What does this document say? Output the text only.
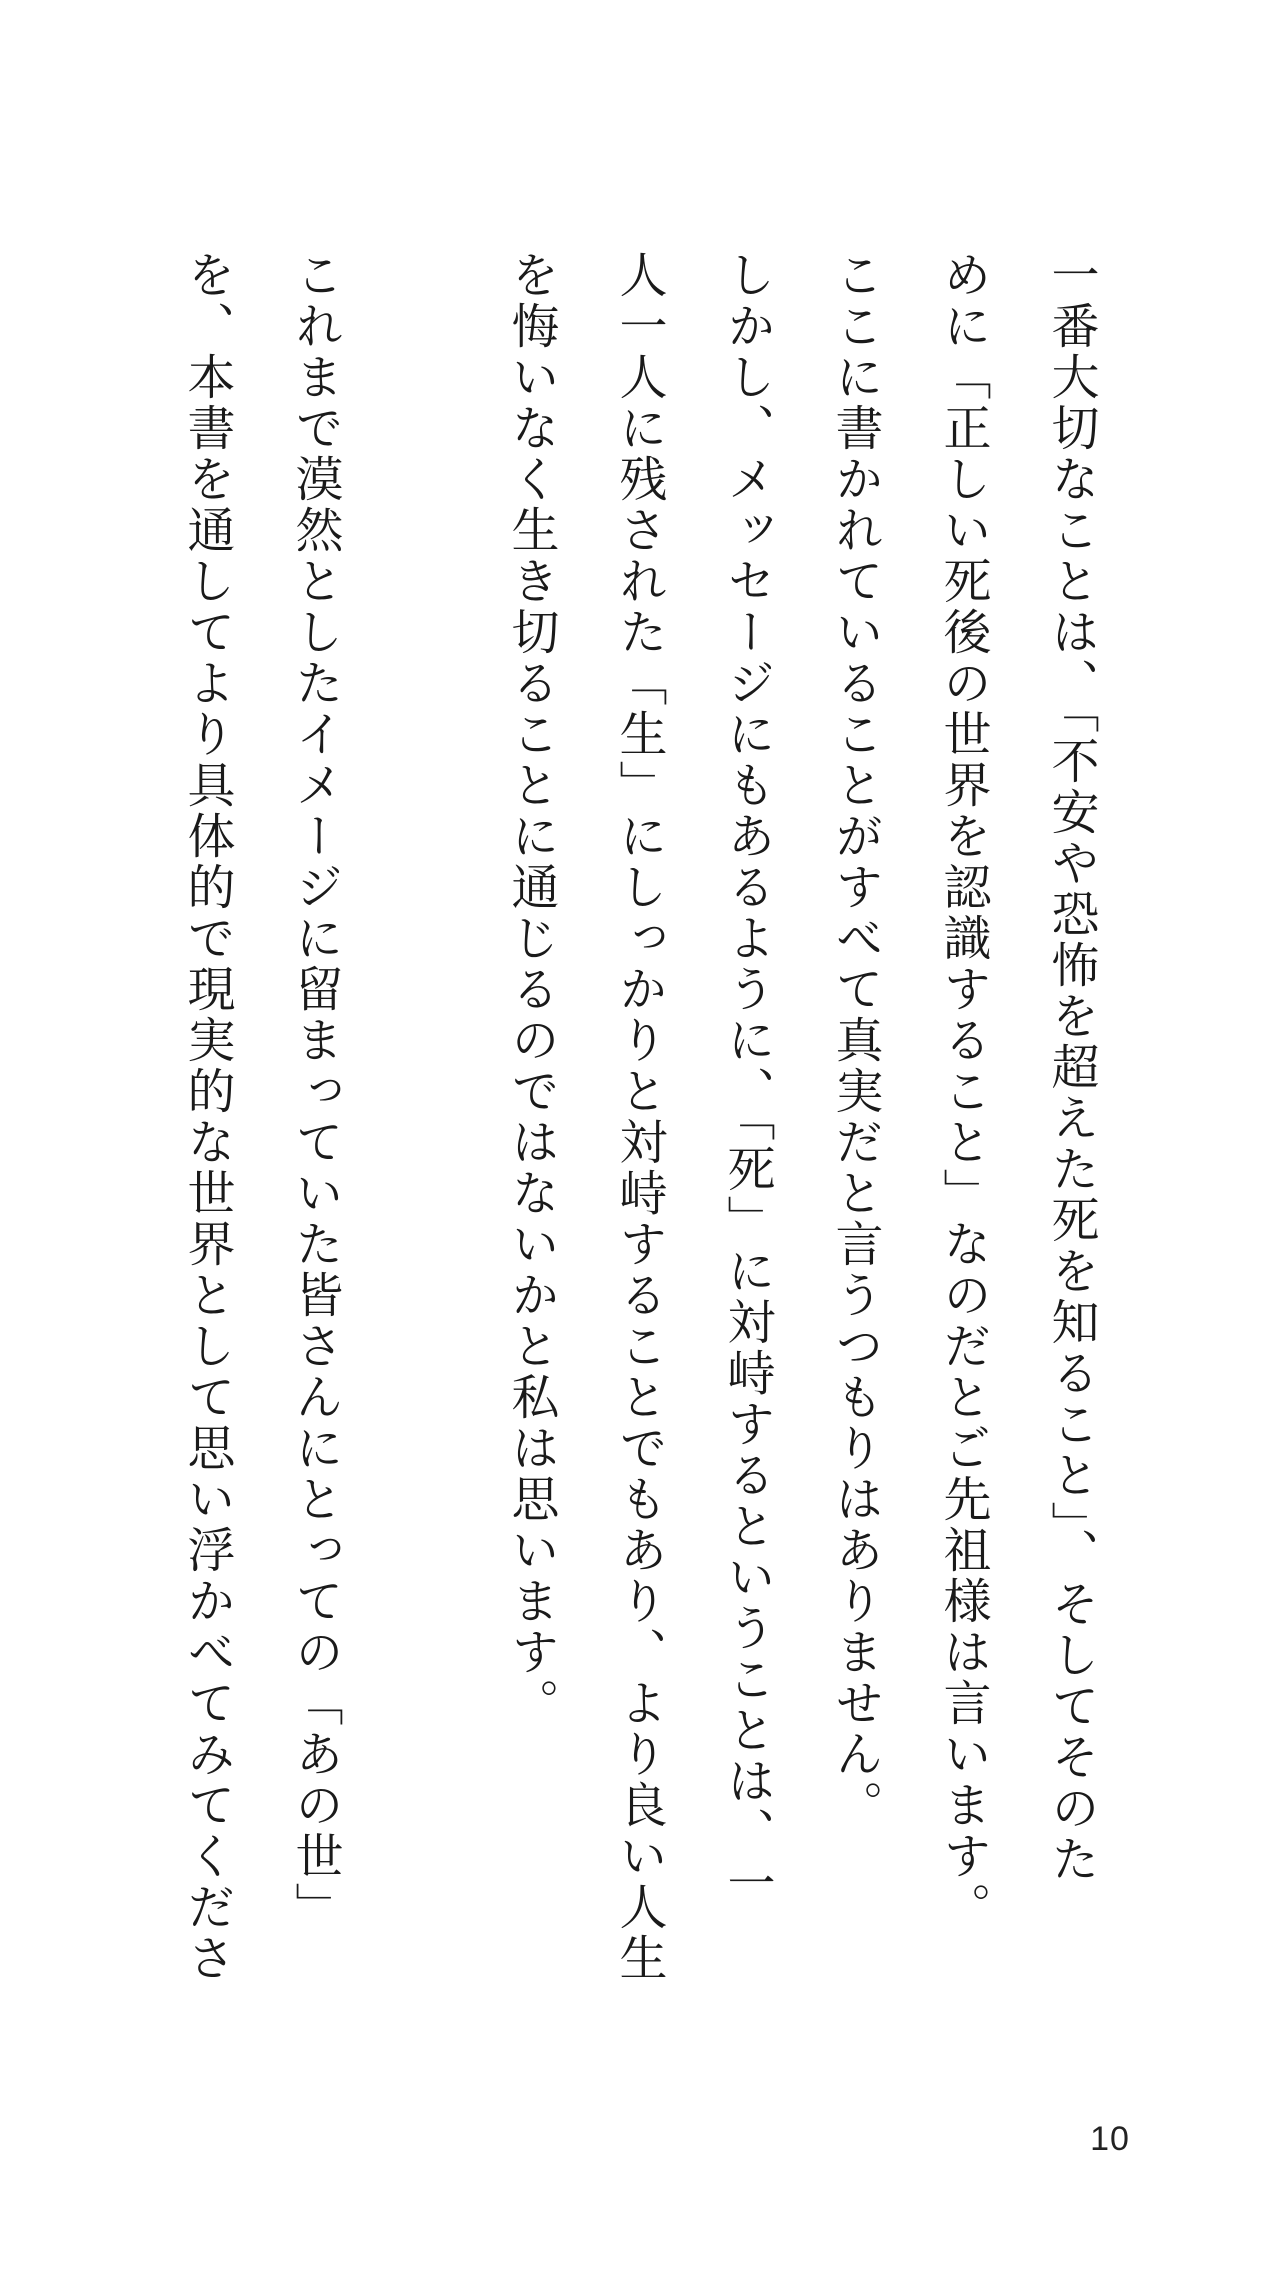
一番大切なことは、「不安や恐怖を超えた死を知ること」、そしてそのた

めに「正しい死後の世界を認識すること」なのだとご先祖様は言います。

ここに書かれていることがすべて真実だと言うつもりはありません。

しかし、メッセージにもあるように、「死」に対峙するということは、一

人一人に残された「生」にしっかりと対峙することでもあり、より良い人生

を悔いなく生き切ることに通じるのではないかと私は思います。

これまで漠然としたイメージに留まっていた皆さんにとっての「あの世」

を、本書を通してより具体的で現実的な世界として思い浮かべてみてくださ

10
